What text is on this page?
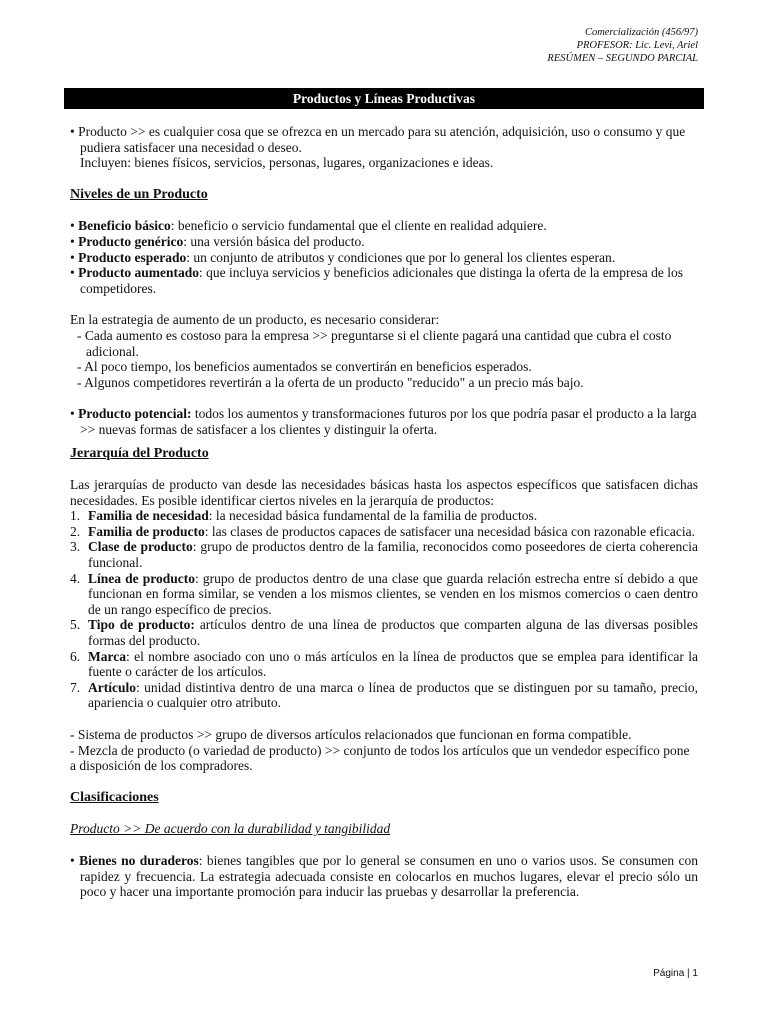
Comercialización (456/97)
PROFESOR: Lic. Levi, Ariel
RESÚMEN – SEGUNDO PARCIAL
Productos y Líneas Productivas

• Producto >> es cualquier cosa que se ofrezca en un mercado para su atención, adquisición, uso o consumo y que
pudiera satisfacer una necesidad o deseo.
Incluyen: bienes físicos, servicios, personas, lugares, organizaciones e ideas.

Niveles de un Producto

• Beneficio básico: beneficio o servicio fundamental que el cliente en realidad adquiere.

• Producto genérico: una versión básica del producto.

• Producto esperado: un conjunto de atributos y condiciones que por lo general los clientes esperan.

• Producto aumentado: que incluya servicios y beneficios adicionales que distinga la oferta de la empresa de los competidores.

En la estrategia de aumento de un producto, es necesario considerar:

- Cada aumento es costoso para la empresa >> preguntarse si el cliente pagará una cantidad que cubra el costo adicional.

- Al poco tiempo, los beneficios aumentados se convertirán en beneficios esperados.

- Algunos competidores revertirán a la oferta de un producto "reducido" a un precio más bajo.

• Producto potencial: todos los aumentos y transformaciones futuros por los que podría pasar el producto a la larga >> nuevas formas de satisfacer a los clientes y distinguir la oferta.

Jerarquía del Producto

Las jerarquías de producto van desde las necesidades básicas hasta los aspectos específicos que satisfacen dichas necesidades. Es posible identificar ciertos niveles en la jerarquía de productos:

1. Familia de necesidad: la necesidad básica fundamental de la familia de productos.
2. Familia de producto: las clases de productos capaces de satisfacer una necesidad básica con razonable eficacia.
3. Clase de producto: grupo de productos dentro de la familia, reconocidos como poseedores de cierta coherencia funcional.
4. Línea de producto: grupo de productos dentro de una clase que guarda relación estrecha entre sí debido a que funcionan en forma similar, se venden a los mismos clientes, se venden en los mismos comercios o caen dentro de un rango específico de precios.
5. Tipo de producto: artículos dentro de una línea de productos que comparten alguna de las diversas posibles formas del producto.
6. Marca: el nombre asociado con uno o más artículos en la línea de productos que se emplea para identificar la fuente o carácter de los artículos.
7. Artículo: unidad distintiva dentro de una marca o línea de productos que se distinguen por su tamaño, precio, apariencia o cualquier otro atributo.

- Sistema de productos >> grupo de diversos artículos relacionados que funcionan en forma compatible.

- Mezcla de producto (o variedad de producto) >> conjunto de todos los artículos que un vendedor específico pone a disposición de los compradores.

Clasificaciones

Producto >> De acuerdo con la durabilidad y tangibilidad

• Bienes no duraderos: bienes tangibles que por lo general se consumen en uno o varios usos. Se consumen con rapidez y frecuencia. La estrategia adecuada consiste en colocarlos en muchos lugares, elevar el precio sólo un poco y hacer una importante promoción para inducir las pruebas y desarrollar la preferencia.

Página | 1
